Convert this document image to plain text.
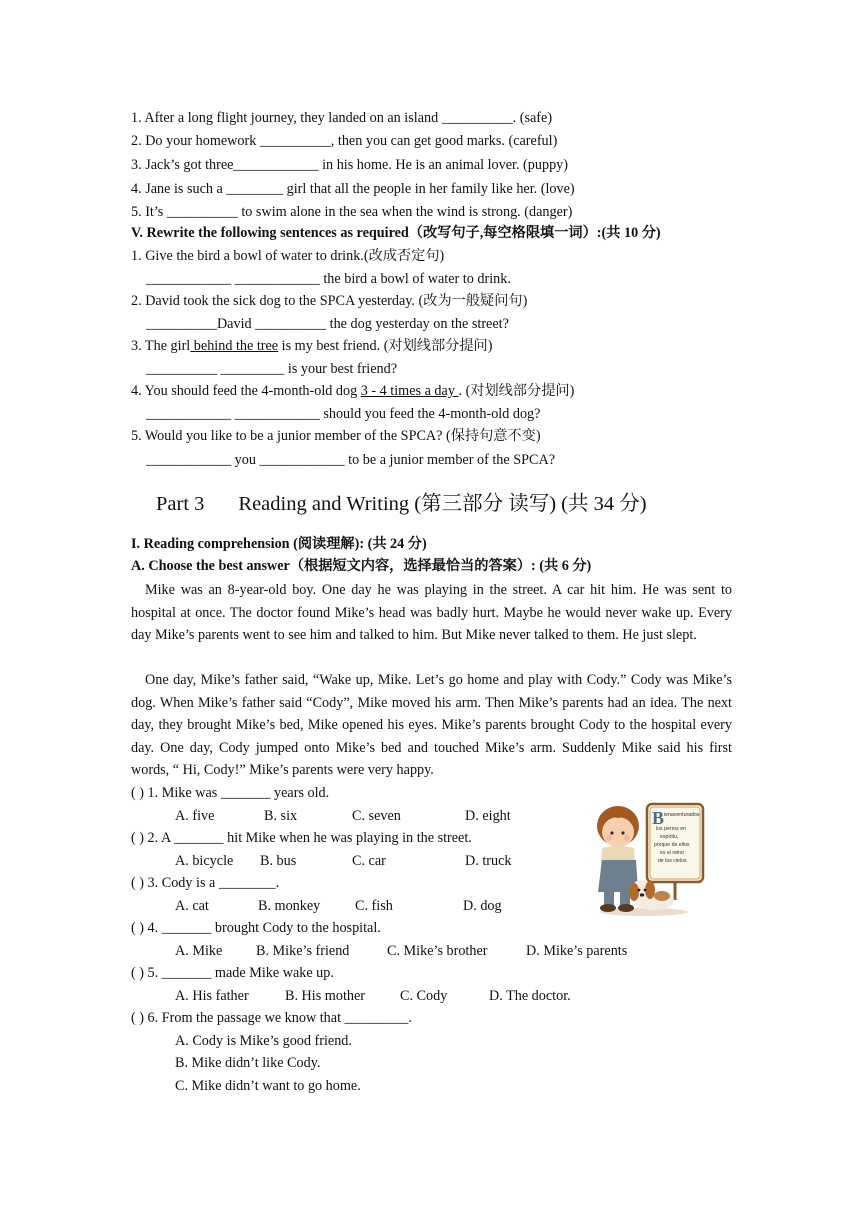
1. After a long flight journey, they landed on an island __________. (safe)
2. Do your homework __________, then you can get good marks. (careful)
3. Jack’s got three____________ in his home. He is an animal lover. (puppy)
4. Jane is such a ________ girl that all the people in her family like her. (love)
5. It’s __________ to swim alone in the sea when the wind is strong. (danger)
V. Rewrite the following sentences as required（改写句子,每空格限填一词）:(共 10 分)
1. Give the bird a bowl of water to drink.(改成否定句)
____________ ____________ the bird a bowl of water to drink.
2. David took the sick dog to the SPCA yesterday. (改为一般疑问句)
__________David __________ the dog yesterday on the street?
3. The girl behind the tree is my best friend. (对划线部分提问)
__________ _________ is your best friend?
4. You should feed the 4-month-old dog 3 - 4 times a day . (对划线部分提问)
____________ ____________ should you feed the 4-month-old dog?
5. Would you like to be a junior member of the SPCA? (保持句意不变)
____________ you ____________ to be a junior member of the SPCA?
Part 3 Reading and Writing (第三部分 读写) (共 34 分)
I. Reading comprehension (阅读理解): (共 24 分)
A. Choose the best answer（根据短文内容，选择最恰当的答案）: (共 6 分)
Mike was an 8-year-old boy. One day he was playing in the street. A car hit him. He was sent to hospital at once. The doctor found Mike’s head was badly hurt. Maybe he would never wake up. Every day Mike’s parents went to see him and talked to him. But Mike never talked to them. He just slept.
One day, Mike’s father said, “Wake up, Mike. Let’s go home and play with Cody.” Cody was Mike’s dog. When Mike’s father said “Cody”, Mike moved his arm. Then Mike’s parents had an idea. The next day, they brought Mike’s bed, Mike opened his eyes. Mike’s parents brought Cody to the hospital every day. One day, Cody jumped onto Mike’s bed and touched Mike’s arm. Suddenly Mike said his first words, “ Hi, Cody!” Mike’s parents were very happy.
( ) 1. Mike was _______ years old.
A. five	B. six	C. seven	D. eight
( ) 2. A _______ hit Mike when he was playing in the street.
A. bicycle B. bus	C. car	D. truck
( ) 3. Cody is a ________.
A. cat	B. monkey C. fish	D. dog
( ) 4. _______ brought Cody to the hospital.
A. Mike B. Mike’s friend	C. Mike’s brother	D. Mike’s parents
( ) 5. _______ made Mike wake up.
A. His father	B. His mother C. Cody	D. The doctor.
( ) 6. From the passage we know that _________.
A. Cody is Mike’s good friend.
B. Mike didn’t like Cody.
C. Mike didn’t want to go home.
B ienaventurados los perros en espíritu, porque de ellos es el reino de los cielos
